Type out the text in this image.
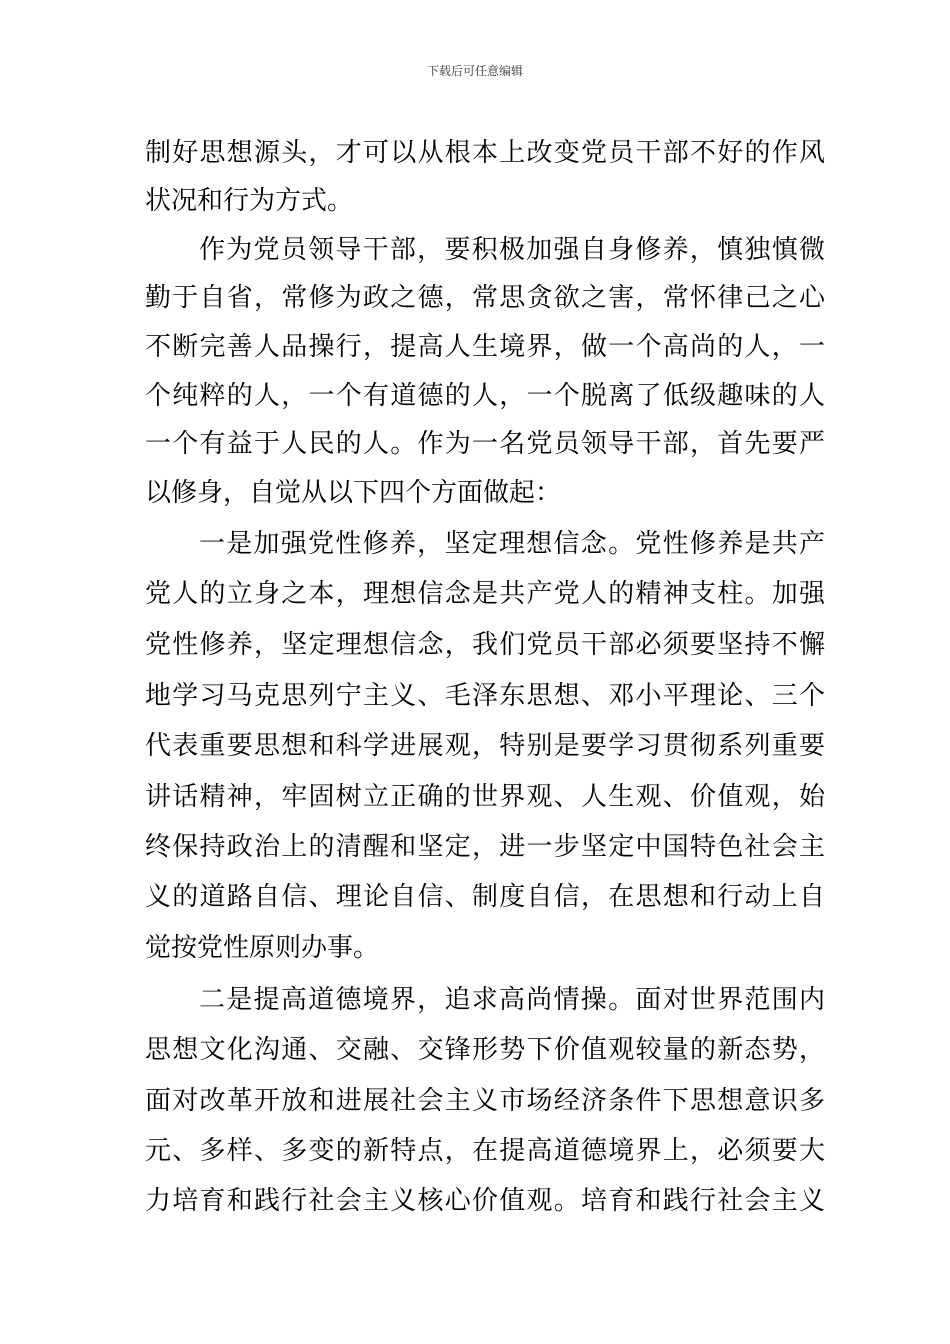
下载后可任意编辑
制好思想源头，才可以从根本上改变党员干部不好的作风
状况和行为方式。
作为党员领导干部，要积极加强自身修养，慎独慎微
勤于自省，常修为政之德，常思贪欲之害，常怀律己之心
不断完善人品操行，提高人生境界，做一个高尚的人，一
个纯粹的人，一个有道德的人，一个脱离了低级趣味的人
一个有益于人民的人。作为一名党员领导干部，首先要严
以修身，自觉从以下四个方面做起：
一是加强党性修养，坚定理想信念。党性修养是共产
党人的立身之本，理想信念是共产党人的精神支柱。加强
党性修养，坚定理想信念，我们党员干部必须要坚持不懈
地学习马克思列宁主义、毛泽东思想、邓小平理论、三个
代表重要思想和科学进展观，特别是要学习贯彻系列重要
讲话精神，牢固树立正确的世界观、人生观、价值观，始
终保持政治上的清醒和坚定，进一步坚定中国特色社会主
义的道路自信、理论自信、制度自信，在思想和行动上自
觉按党性原则办事。
二是提高道德境界，追求高尚情操。面对世界范围内
思想文化沟通、交融、交锋形势下价值观较量的新态势，
面对改革开放和进展社会主义市场经济条件下思想意识多
元、多样、多变的新特点，在提高道德境界上，必须要大
力培育和践行社会主义核心价值观。培育和践行社会主义
